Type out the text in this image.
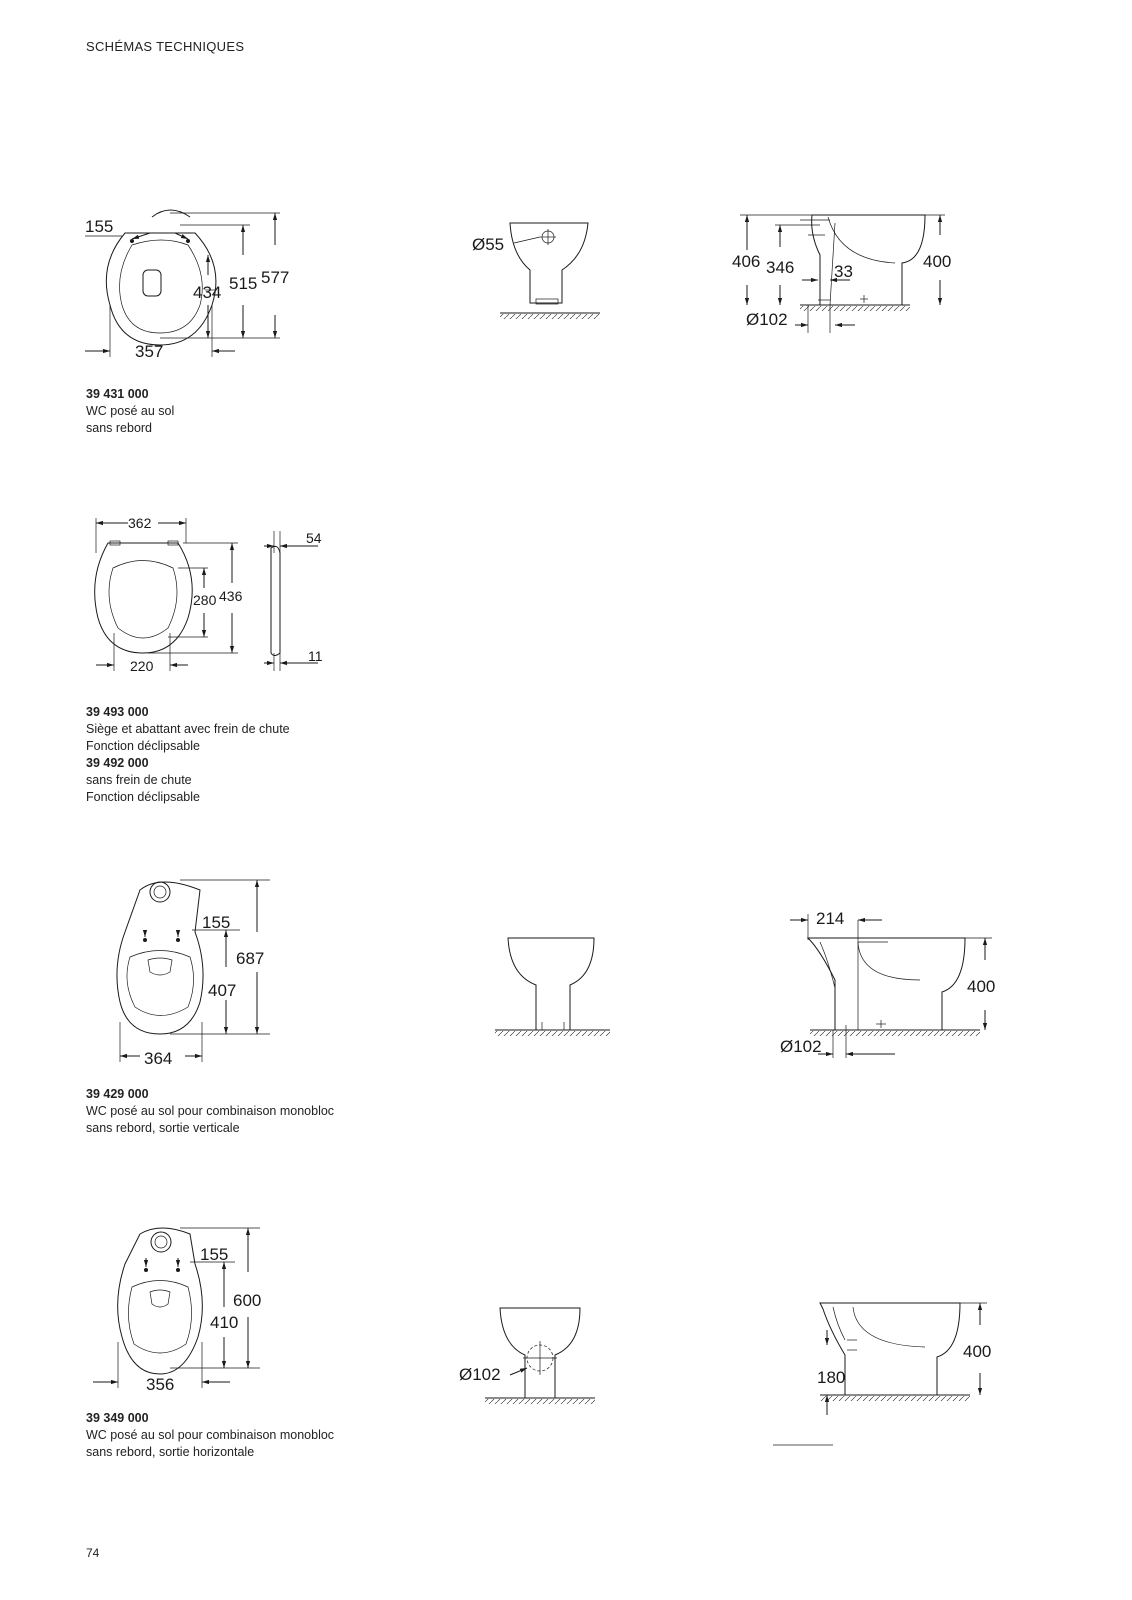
SCHÉMAS TECHNIQUES
155
434 515 577
357
Ø55
406 346 33
400
Ø102
39 431 000
WC posé au sol
sans rebord
362
280 436
220
54
11
39 493 000
Siège et abattant avec frein de chute
Fonction déclipsable
39 492 000
sans frein de chute
Fonction déclipsable
155
687
407
364
214
400
Ø102
39 429 000
WC posé au sol pour combinaison monobloc
sans rebord, sortie verticale
155
600
410
356
Ø102
400
180
39 349 000
WC posé au sol pour combinaison monobloc
sans rebord, sortie horizontale
74
